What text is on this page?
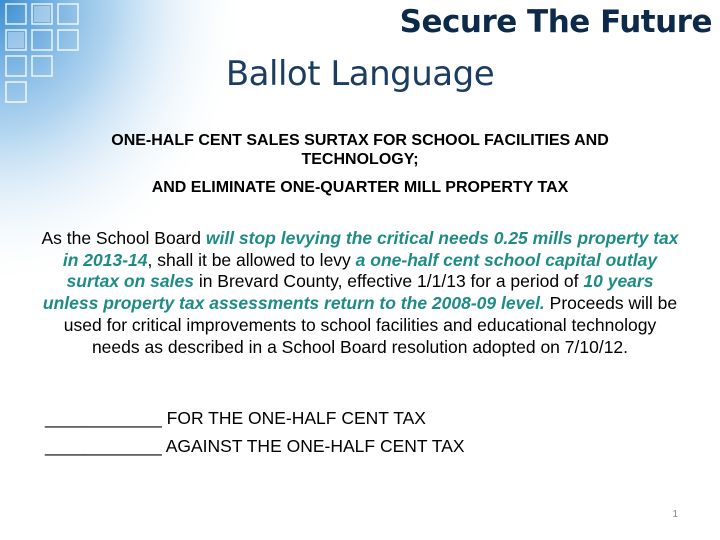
Secure The Future
Ballot Language
ONE-HALF CENT SALES SURTAX FOR SCHOOL FACILITIES AND TECHNOLOGY;
AND ELIMINATE ONE-QUARTER MILL PROPERTY TAX
As the School Board will stop levying the critical needs 0.25 mills property tax in 2013-14, shall it be allowed to levy a one-half cent school capital outlay surtax on sales in Brevard County, effective 1/1/13 for a period of 10 years unless property tax assessments return to the 2008-09 level. Proceeds will be used for critical improvements to school facilities and educational technology needs as described in a School Board resolution adopted on 7/10/12.
____________ FOR THE ONE-HALF CENT TAX
____________ AGAINST THE ONE-HALF CENT TAX
1
